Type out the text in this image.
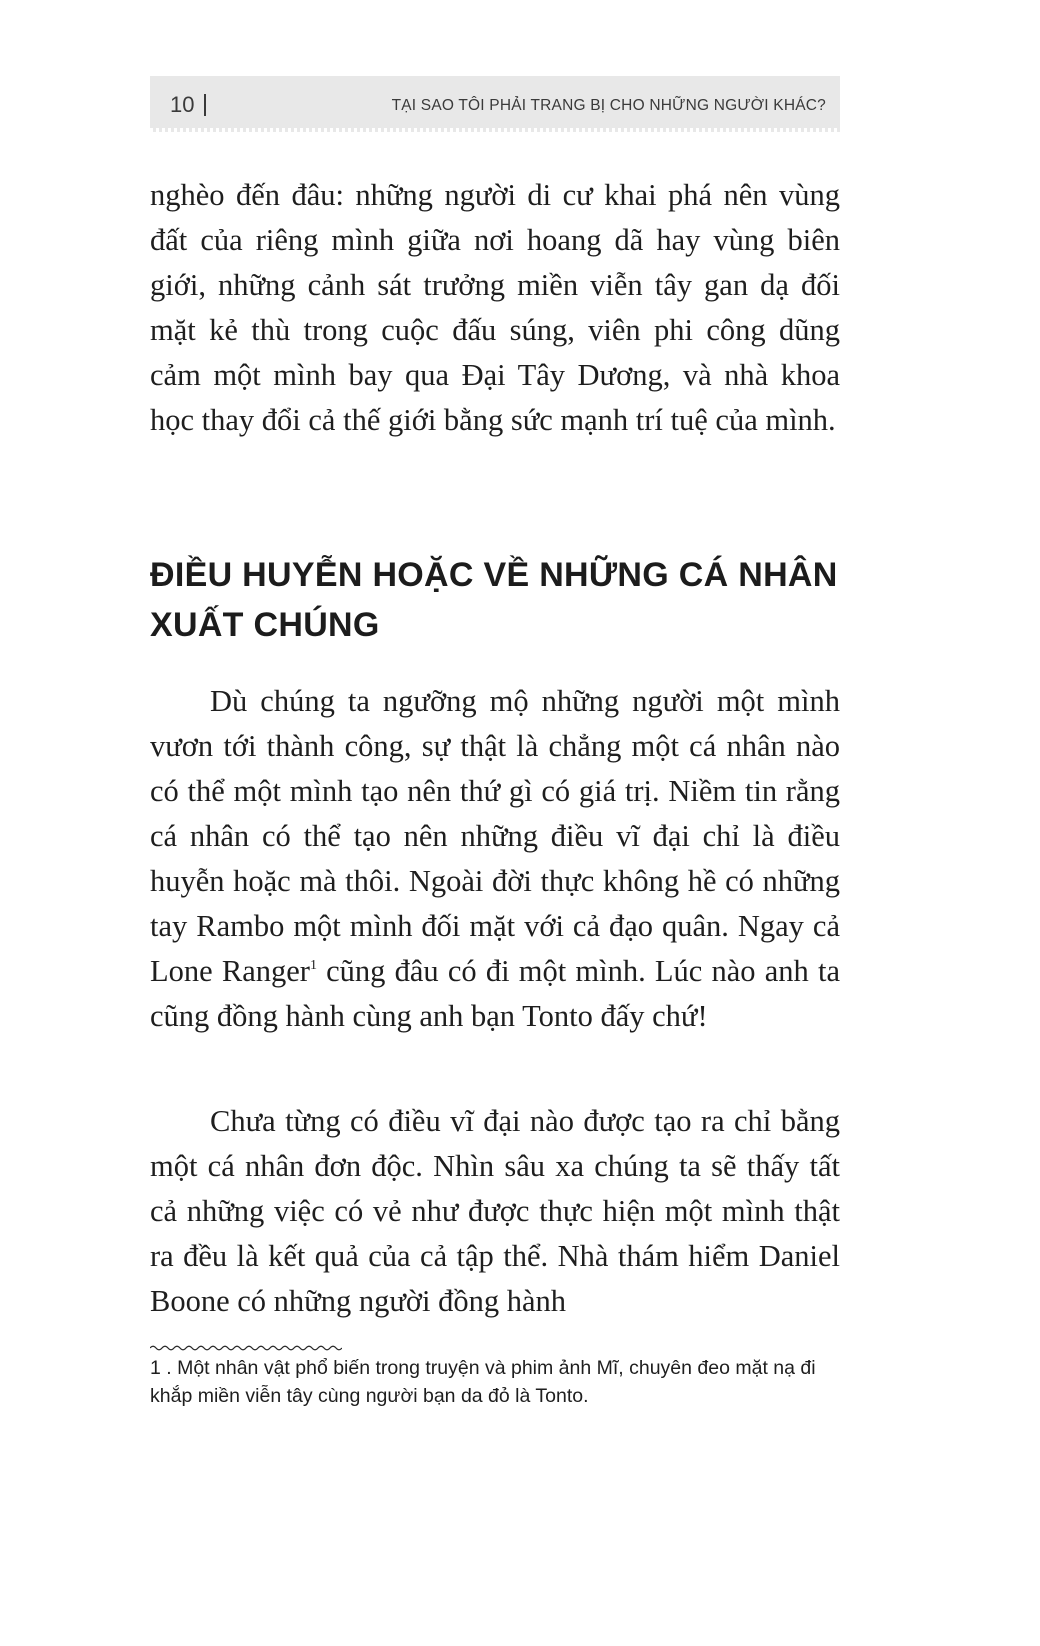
10	TẠI SAO TÔI PHẢI TRANG BỊ CHO NHỮNG NGƯỜI KHÁC?

nghèo đến đâu: những người di cư khai phá nên vùng đất của riêng mình giữa nơi hoang dã hay vùng biên giới, những cảnh sát trưởng miền viễn tây gan dạ đối mặt kẻ thù trong cuộc đấu súng, viên phi công dũng cảm một mình bay qua Đại Tây Dương, và nhà khoa học thay đổi cả thế giới bằng sức mạnh trí tuệ của mình.

ĐIỀU HUYỄN HOẶC VỀ NHỮNG CÁ NHÂN
XUẤT CHÚNG

Dù chúng ta ngưỡng mộ những người một mình vươn tới thành công, sự thật là chẳng một cá nhân nào có thể một mình tạo nên thứ gì có giá trị. Niềm tin rằng cá nhân có thể tạo nên những điều vĩ đại chỉ là điều huyễn hoặc mà thôi. Ngoài đời thực không hề có những tay Rambo một mình đối mặt với cả đạo quân. Ngay cả Lone Ranger$^1$ cũng đâu có đi một mình. Lúc nào anh ta cũng đồng hành cùng anh bạn Tonto đấy chứ!

Chưa từng có điều vĩ đại nào được tạo ra chỉ bằng một cá nhân đơn độc. Nhìn sâu xa chúng ta sẽ thấy tất cả những việc có vẻ như được thực hiện một mình thật ra đều là kết quả của cả tập thể. Nhà thám hiểm Daniel Boone có những người đồng hành

1 . Một nhân vật phổ biến trong truyện và phim ảnh Mĩ, chuyên đeo mặt nạ đi khắp miền viễn tây cùng người bạn da đỏ là Tonto.
